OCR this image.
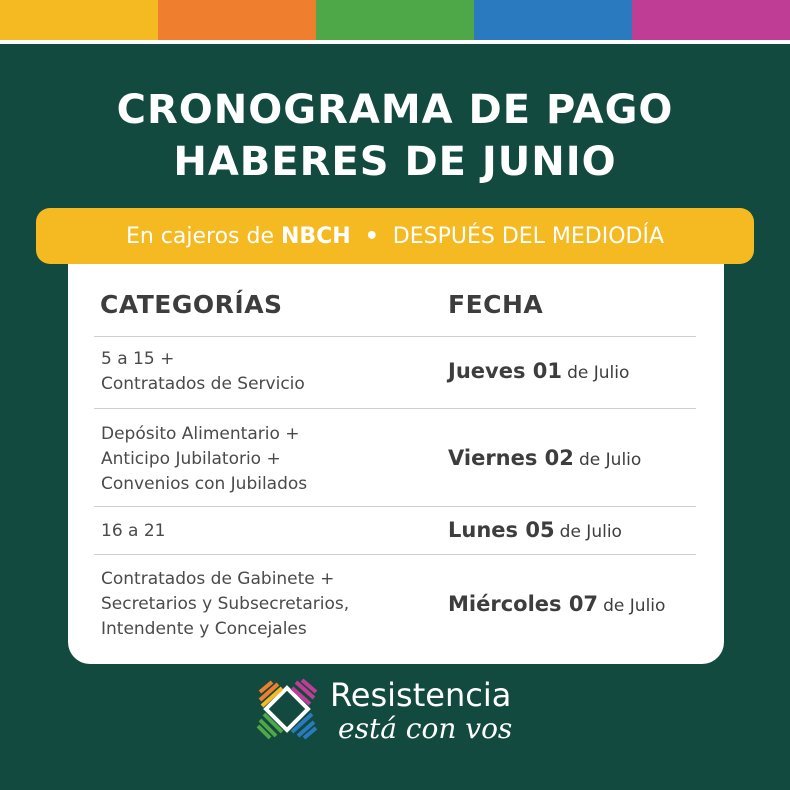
CRONOGRAMA DE PAGO
HABERES DE JUNIO
En cajeros de NBCH • DESPUÉS DEL MEDIODÍA
CATEGORÍAS	FECHA
5 a 15 +
Contratados de Servicio
Jueves 01 de Julio
Depósito Alimentario +
Anticipo Jubilatorio +
Convenios con Jubilados
Viernes 02 de Julio
16 a 21	Lunes 05 de Julio
Contratados de Gabinete +
Secretarios y Subsecretarios,
Intendente y Concejales
Miércoles 07 de Julio
Resistencia
está con vos
